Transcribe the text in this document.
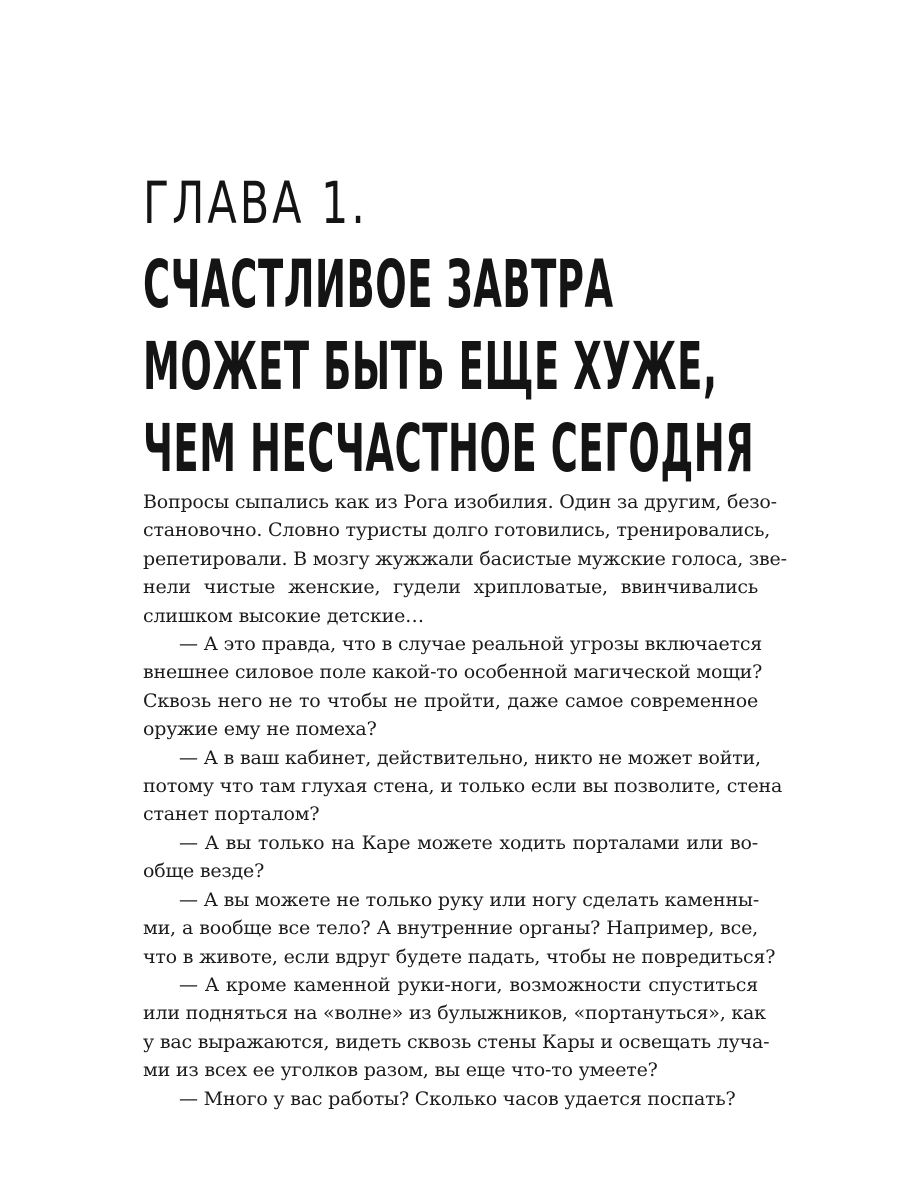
ГЛАВА 1.
СЧАСТЛИВОЕ ЗАВТРА
МОЖЕТ БЫТЬ ЕЩЕ ХУЖЕ,
ЧЕМ НЕСЧАСТНОЕ СЕГОДНЯ

Вопросы сыпались как из Рога изобилия. Один за другим, безо-
становочно. Словно туристы долго готовились, тренировались,
репетировали. В мозгу жужжали басистые мужские голоса, зве-
нели чистые женские, гудели хрипловатые, ввинчивались
слишком высокие детские…

— А это правда, что в случае реальной угрозы включается
внешнее силовое поле какой-то особенной магической мощи?
Сквозь него не то чтобы не пройти, даже самое современное
оружие ему не помеха?

— А в ваш кабинет, действительно, никто не может войти,
потому что там глухая стена, и только если вы позволите, стена
станет порталом?

— А вы только на Каре можете ходить порталами или во-
обще везде?

— А вы можете не только руку или ногу сделать каменны-
ми, а вообще все тело? А внутренние органы? Например, все,
что в животе, если вдруг будете падать, чтобы не повредиться?

— А кроме каменной руки-ноги, возможности спуститься
или подняться на «волне» из булыжников, «портануться», как
у вас выражаются, видеть сквозь стены Кары и освещать луча-
ми из всех ее уголков разом, вы еще что-то умеете?

— Много у вас работы? Сколько часов удается поспать?
